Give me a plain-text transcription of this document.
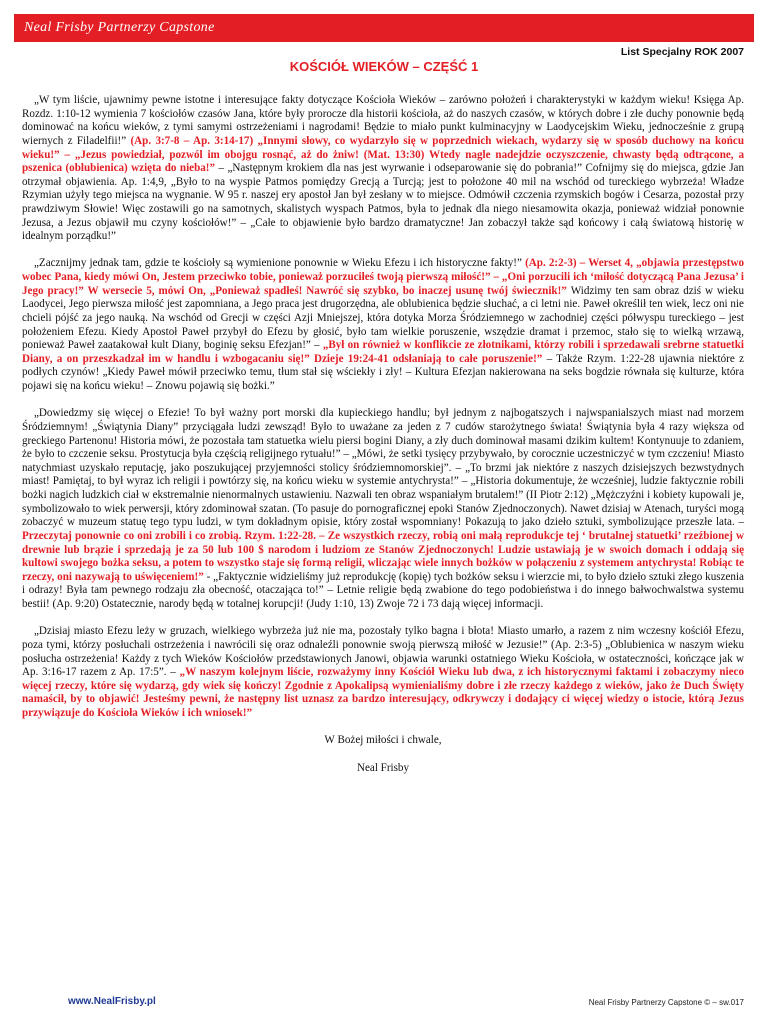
Neal Frisby Partnerzy Capstone
List Specjalny ROK 2007
KOŚCIÓŁ WIEKÓW – CZĘŚĆ 1

„W tym liście, ujawnimy pewne istotne i interesujące fakty dotyczące Kościoła Wieków – zarówno położeń i charakterystyki w każdym wieku! Księga Ap. Rozdz. 1:10-12 wymienia 7 kościołów czasów Jana, które były prorocze dla historii kościoła, aż do naszych czasów, w których dobre i złe duchy ponownie będą dominować na końcu wieków, z tymi samymi ostrzeżeniami i nagrodami! Będzie to miało punkt kulminacyjny w Laodycejskim Wieku, jednocześnie z grupą wiernych z Filadelfii!” (Ap. 3:7-8 – Ap. 3:14-17) „Innymi słowy, co wydarzyło się w poprzednich wiekach, wydarzy się w sposób duchowy na końcu wieku!” – „Jezus powiedział, pozwól im obojgu rosnąć, aż do żniw! (Mat. 13:30) Wtedy nagle nadejdzie oczyszczenie, chwasty będą odtrącone, a pszenica (oblubienica) wzięta do nieba!” – „Następnym krokiem dla nas jest wyrwanie i odseparowanie się do pobrania!” Cofnijmy się do miejsca, gdzie Jan otrzymał objawienia. Ap. 1:4,9, „Było to na wyspie Patmos pomiędzy Grecją a Turcją; jest to położone 40 mil na wschód od tureckiego wybrzeża! Władze Rzymian użyły tego miejsca na wygnanie. W 95 r. naszej ery apostoł Jan był zesłany w to miejsce. Odmówił czczenia rzymskich bogów i Cesarza, pozostał przy prawdziwym Słowie! Więc zostawili go na samotnych, skalistych wyspach Patmos, była to jednak dla niego niesamowita okazja, ponieważ widział ponownie Jezusa, a Jezus objawił mu czyny kościołów!” – „Całe to objawienie było bardzo dramatyczne! Jan zobaczył także sąd końcowy i całą światową historię w idealnym porządku!”

„Zacznijmy jednak tam, gdzie te kościoły są wymienione ponownie w Wieku Efezu i ich historyczne fakty!” (Ap. 2:2-3) – Werset 4, „objawia przestępstwo wobec Pana, kiedy mówi On, Jestem przeciwko tobie, ponieważ porzuciłeś twoją pierwszą miłość!” – „Oni porzucili ich ‘miłość dotyczącą Pana Jezusa’ i Jego pracy!” W wersecie 5, mówi On, „Ponieważ spadłeś! Nawróć się szybko, bo inaczej usunę twój świecznik!” Widzimy ten sam obraz dziś w wieku Laodycei, Jego pierwsza miłość jest zapomniana, a Jego praca jest drugorzędna, ale oblubienica będzie słuchać, a ci letni nie. Paweł określił ten wiek, lecz oni nie chcieli pójść za jego nauką. Na wschód od Grecji w części Azji Mniejszej, która dotyka Morza Śródziemnego w zachodniej części półwyspu tureckiego – jest położeniem Efezu. Kiedy Apostoł Paweł przybył do Efezu by głosić, było tam wielkie poruszenie, wszędzie dramat i przemoc, stało się to wielką wrzawą, ponieważ Paweł zaatakował kult Diany, boginię seksu Efezjan!” – „Był on również w konflikcie ze złotnikami, którzy robili i sprzedawali srebrne statuetki Diany, a on przeszkadzał im w handlu i wzbogacaniu się!” Dzieje 19:24-41 odsłaniają to całe poruszenie!” – Także Rzym. 1:22-28 ujawnia niektóre z podłych czynów! „Kiedy Paweł mówił przeciwko temu, tłum stał się wściekły i zły! – Kultura Efezjan nakierowana na seks bogdzie równała się kulturze, która pojawi się na końcu wieku! – Znowu pojawią się bożki.”

„Dowiedzmy się więcej o Efezie! To był ważny port morski dla kupieckiego handlu; był jednym z najbogatszych i najwspanialszych miast nad morzem Śródziemnym! „Świątynia Diany” przyciągała ludzi zewsząd! Było to uważane za jeden z 7 cudów starożytnego świata! Świątynia była 4 razy większa od greckiego Partenonu! Historia mówi, że pozostała tam statuetka wielu piersi bogini Diany, a zły duch dominował masami dzikim kultem! Kontynuuje to zdaniem, że było to czczenie seksu. Prostytucja była częścią religijnego rytuału!” – „Mówi, że setki tysięcy przybywało, by corocznie uczestniczyć w tym czczeniu! Miasto natychmiast uzyskało reputację, jako poszukującej przyjemności stolicy śródziemnomorskiej”. – „To brzmi jak niektóre z naszych dzisiejszych bezwstydnych miast! Pamiętaj, to był wyraz ich religii i powtórzy się, na końcu wieku w systemie antychrysta!” – „Historia dokumentuje, że wcześniej, ludzie faktycznie robili bożki nagich ludzkich ciał w ekstremalnie nienormalnych ustawieniu. Nazwali ten obraz wspaniałym brutalem!” (II Piotr 2:12) „Mężczyźni i kobiety kupowali je, symbolizowało to wiek perwersji, który zdominował szatan. (To pasuje do pornograficznej epoki Stanów Zjednoczonych). Nawet dzisiaj w Atenach, turyści mogą zobaczyć w muzeum statuę tego typu ludzi, w tym dokładnym opisie, który został wspomniany! Pokazują to jako dzieło sztuki, symbolizujące przeszłe lata. – Przeczytaj ponownie co oni zrobili i co zrobią. Rzym. 1:22-28. – Ze wszystkich rzeczy, robią oni małą reprodukcje tej ‘ brutalnej statuetki’ rzeźbionej w drewnie lub brązie i sprzedają je za 50 lub 100 $ narodom i ludziom ze Stanów Zjednoczonych! Ludzie ustawiają je w swoich domach i oddają się kultowi swojego bożka seksu, a potem to wszystko staje się formą religii, wliczając wiele innych bożków w połączeniu z systemem antychrysta! Robiąc te rzeczy, oni nazywają to uświęceniem!” - „Faktycznie widzieliśmy już reprodukcję (kopię) tych bożków seksu i wierzcie mi, to było dzieło sztuki złego kuszenia i odrazy! Była tam pewnego rodzaju zła obecność, otaczająca to!” – Letnie religie będą zwabione do tego podobieństwa i do innego bałwochwalstwa systemu bestii! (Ap. 9:20) Ostatecznie, narody będą w totalnej korupcji! (Judy 1:10, 13) Zwoje 72 i 73 dają więcej informacji.

„Dzisiaj miasto Efezu leży w gruzach, wielkiego wybrzeża już nie ma, pozostały tylko bagna i błota! Miasto umarło, a razem z nim wczesny kościół Efezu, poza tymi, którzy posłuchali ostrzeżenia i nawrócili się oraz odnaleźli ponownie swoją pierwszą miłość w Jezusie!” (Ap. 2:3-5) „Oblubienica w naszym wieku posłucha ostrzeżenia! Każdy z tych Wieków Kościołów przedstawionych Janowi, objawia warunki ostatniego Wieku Kościoła, w ostateczności, kończące jak w Ap. 3:16-17 razem z Ap. 17:5”. – „W naszym kolejnym liście, rozważymy inny Kościół Wieku lub dwa, z ich historycznymi faktami i zobaczymy nieco więcej rzeczy, które się wydarzą, gdy wiek się kończy! Zgodnie z Apokalipsą wymienialiśmy dobre i złe rzeczy każdego z wieków, jako że Duch Święty namaścił, by to objawić! Jesteśmy pewni, że następny list uznasz za bardzo interesujący, odkrywczy i dodający ci więcej wiedzy o istocie, którą Jezus przywiązuje do Kościoła Wieków i ich wniosek!”

W Bożej miłości i chwale,

Neal Frisby

www.NealFrisby.pl	Neal Frisby Partnerzy Capstone © – sw.017
